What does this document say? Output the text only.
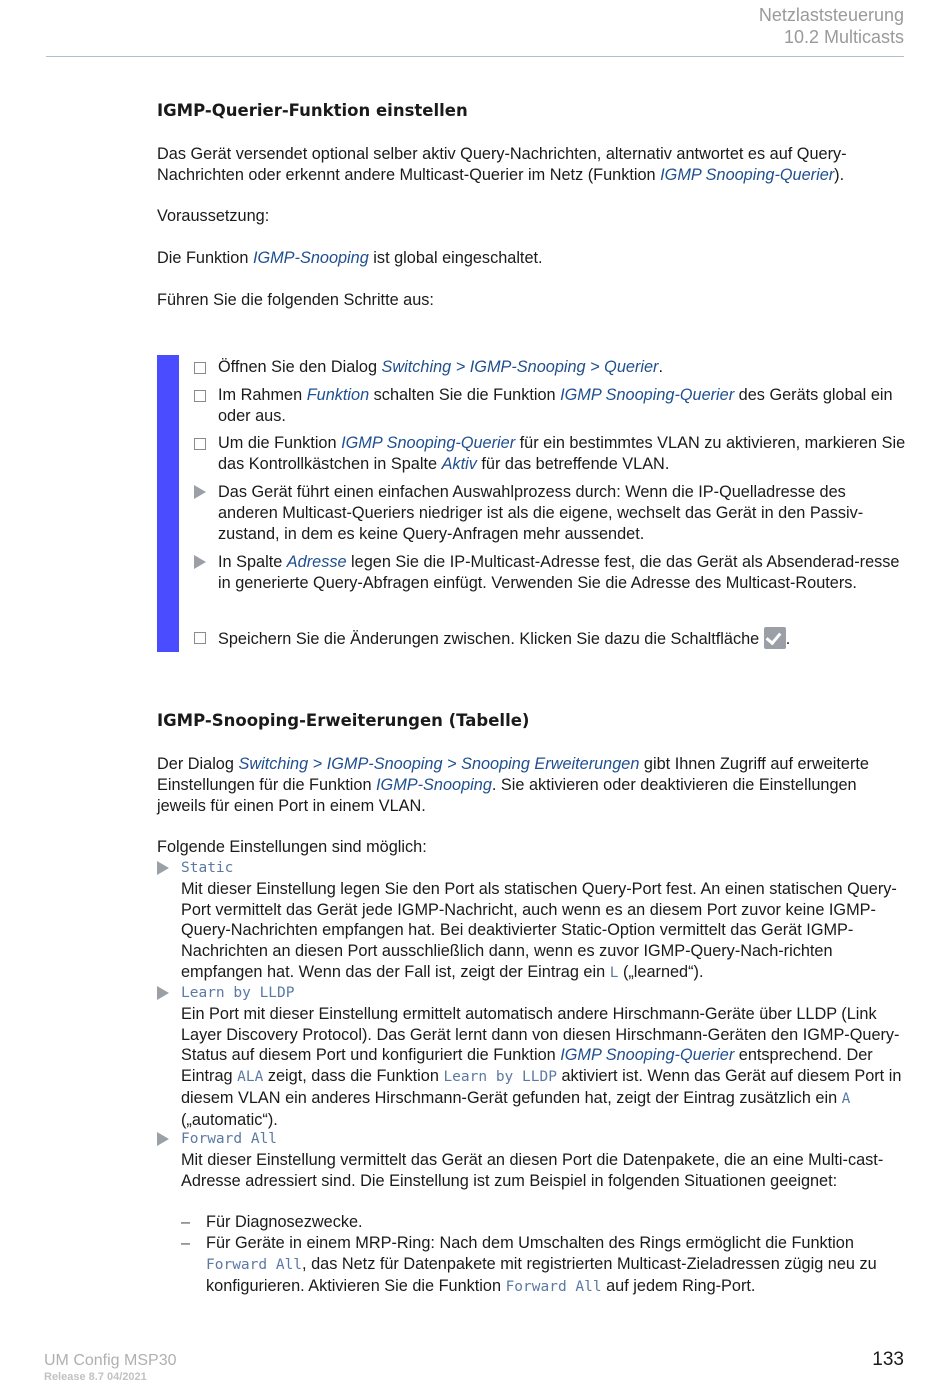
Netzlaststeuerung
10.2 Multicasts
IGMP-Querier-Funktion einstellen

Das Gerät versendet optional selber aktiv Query-Nachrichten, alternativ antwortet es auf Query-Nachrichten oder erkennt andere Multicast-Querier im Netz (Funktion IGMP Snooping-Querier).

Voraussetzung:

Die Funktion IGMP-Snooping ist global eingeschaltet.

Führen Sie die folgenden Schritte aus:

Öffnen Sie den Dialog Switching > IGMP-Snooping > Querier.
Im Rahmen Funktion schalten Sie die Funktion IGMP Snooping-Querier des Geräts global ein oder aus.
Um die Funktion IGMP Snooping-Querier für ein bestimmtes VLAN zu aktivieren, markieren Sie das Kontrollkästchen in Spalte Aktiv für das betreffende VLAN.
Das Gerät führt einen einfachen Auswahlprozess durch: Wenn die IP-Quelladresse des anderen Multicast-Queriers niedriger ist als die eigene, wechselt das Gerät in den Passiv-zustand, in dem es keine Query-Anfragen mehr aussendet.
In Spalte Adresse legen Sie die IP-Multicast-Adresse fest, die das Gerät als Absenderad-resse in generierte Query-Abfragen einfügt. Verwenden Sie die Adresse des Multicast-Routers.
Speichern Sie die Änderungen zwischen. Klicken Sie dazu die Schaltfläche .
IGMP-Snooping-Erweiterungen (Tabelle)

Der Dialog Switching > IGMP-Snooping > Snooping Erweiterungen gibt Ihnen Zugriff auf erweiterte Einstellungen für die Funktion IGMP-Snooping. Sie aktivieren oder deaktivieren die Einstellungen jeweils für einen Port in einem VLAN.

Folgende Einstellungen sind möglich:

Static
Mit dieser Einstellung legen Sie den Port als statischen Query-Port fest. An einen statischen Query-Port vermittelt das Gerät jede IGMP-Nachricht, auch wenn es an diesem Port zuvor keine IGMP-Query-Nachrichten empfangen hat. Bei deaktivierter Static-Option vermittelt das Gerät IGMP-Nachrichten an diesen Port ausschließlich dann, wenn es zuvor IGMP-Query-Nach-richten empfangen hat. Wenn das der Fall ist, zeigt der Eintrag ein L („learned“).
Learn by LLDP
Ein Port mit dieser Einstellung ermittelt automatisch andere Hirschmann-Geräte über LLDP (Link Layer Discovery Protocol). Das Gerät lernt dann von diesen Hirschmann-Geräten den IGMP-Query-Status auf diesem Port und konfiguriert die Funktion IGMP Snooping-Querier entsprechend. Der Eintrag ALA zeigt, dass die Funktion Learn by LLDP aktiviert ist. Wenn das Gerät auf diesem Port in diesem VLAN ein anderes Hirschmann-Gerät gefunden hat, zeigt der Eintrag zusätzlich ein A („automatic“).
Forward All
Mit dieser Einstellung vermittelt das Gerät an diesen Port die Datenpakete, die an eine Multi-cast-Adresse adressiert sind. Die Einstellung ist zum Beispiel in folgenden Situationen geeignet:
– Für Diagnosezwecke.
– Für Geräte in einem MRP-Ring: Nach dem Umschalten des Rings ermöglicht die Funktion Forward All, das Netz für Datenpakete mit registrierten Multicast-Zieladressen zügig neu zu konfigurieren. Aktivieren Sie die Funktion Forward All auf jedem Ring-Port.
UM Config MSP30
Release 8.7 04/2021
133
